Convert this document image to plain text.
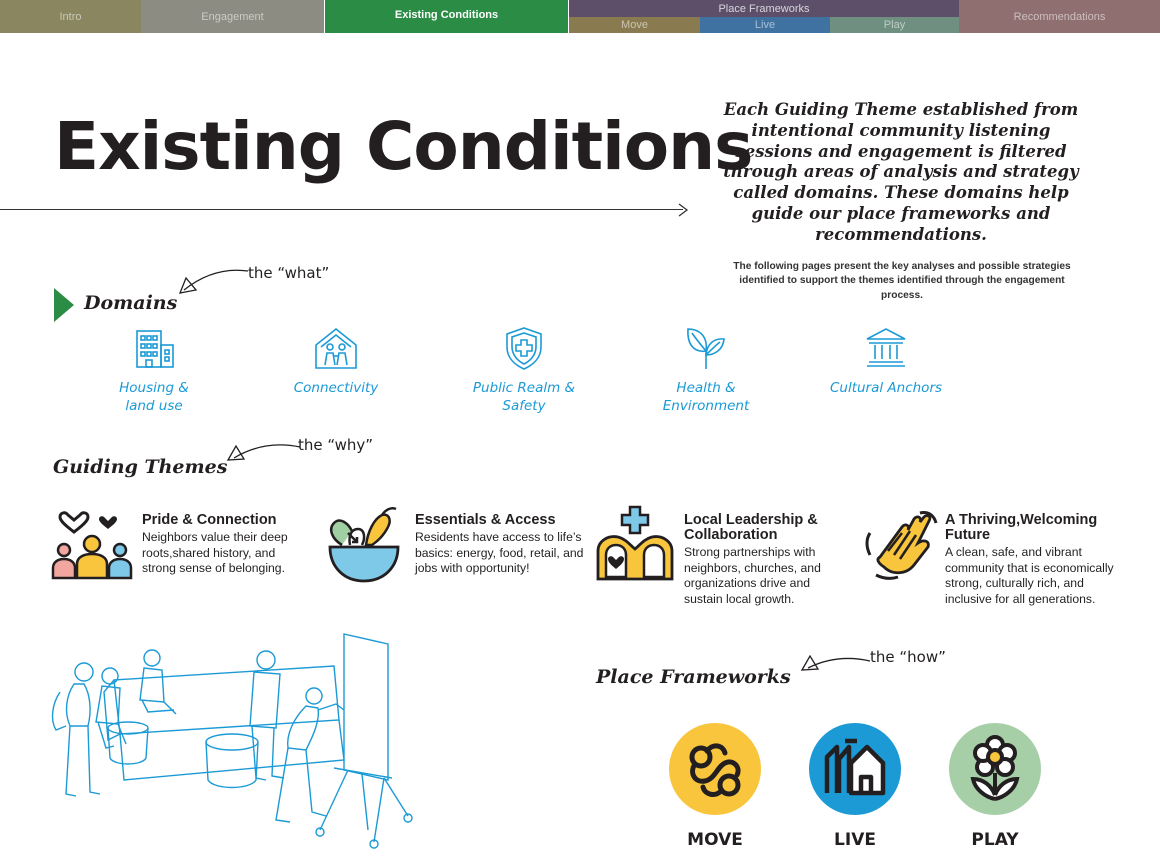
Intro	Engagement	Existing Conditions	Place Frameworks
Move	Live	Play
Recommendations
Existing Conditions
Each Guiding Theme established from intentional community listening sessions and engagement is filtered through areas of analysis and strategy called domains. These domains help guide our place frameworks and recommendations.
The following pages present the key analyses and possible strategies identified to support the themes identified through the engagement process.
Domains
the “what”
Housing & land use
Connectivity	Public Realm & Safety
Health & Environment
Cultural Anchors
Guiding Themes
the “why”
Pride & Connection
Neighbors value their deep roots,shared history, and strong sense of belonging.
Essentials & Access
Residents have access to life’s basics: energy, food, retail, and jobs with opportunity!
Local Leadership & Collaboration
Strong partnerships with neighbors, churches, and organizations drive and sustain local growth.
A Thriving,Welcoming Future
A clean, safe, and vibrant community that is economically strong, culturally rich, and inclusive for all generations.
Place Frameworks
the “how”
MOVE	LIVE	PLAY
